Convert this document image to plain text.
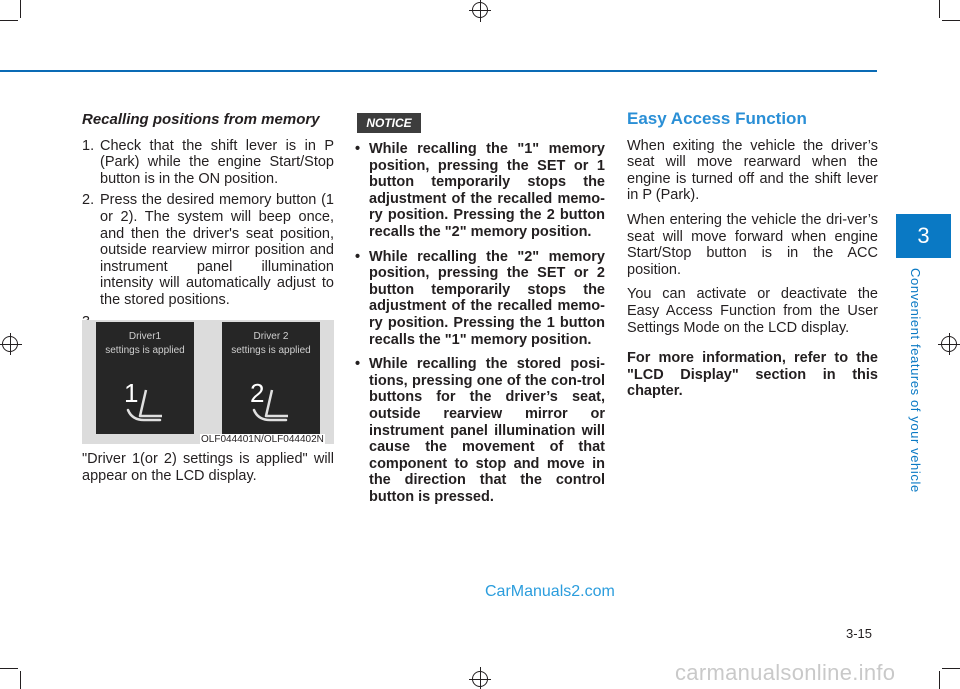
Recalling positions from memory
1. Check that the shift lever is in P (Park) while the engine Start/Stop button is in the ON position.
2. Press the desired memory button (1 or 2). The system will beep once, and then the driver's seat position, outside rearview mirror position and instrument panel illumination intensity will automatically adjust to the stored positions.
Driver1
settings is applied
1
Driver 2
settings is applied
2
OLF044401N/OLF044402N

"Driver 1(or 2) settings is applied" will appear on the LCD display.

NOTICE
• While recalling the "1" memory position, pressing the SET or 1 button temporarily stops the adjustment of the recalled memo-ry position. Pressing the 2 button recalls the "2" memory position.
• While recalling the "2" memory position, pressing the SET or 2 button temporarily stops the adjustment of the recalled memo-ry position. Pressing the 1 button recalls the "1" memory position.
• While recalling the stored posi-tions, pressing one of the con-trol buttons for the driver’s seat, outside rearview mirror or instrument panel illumination will cause the movement of that component to stop and move in the direction that the control button is pressed.
Easy Access Function

When exiting the vehicle the driver’s seat will move rearward when the engine is turned off and the shift lever in P (Park).

When entering the vehicle the dri-ver’s seat will move forward when engine Start/Stop button is in the ACC position.

You can activate or deactivate the Easy Access Function from the User Settings Mode on the LCD display.

For more information, refer to the "LCD Display" section in this chapter.

3
Convenient features of your vehicle
3-15
CarManuals2.com
carmanualsonline.info
